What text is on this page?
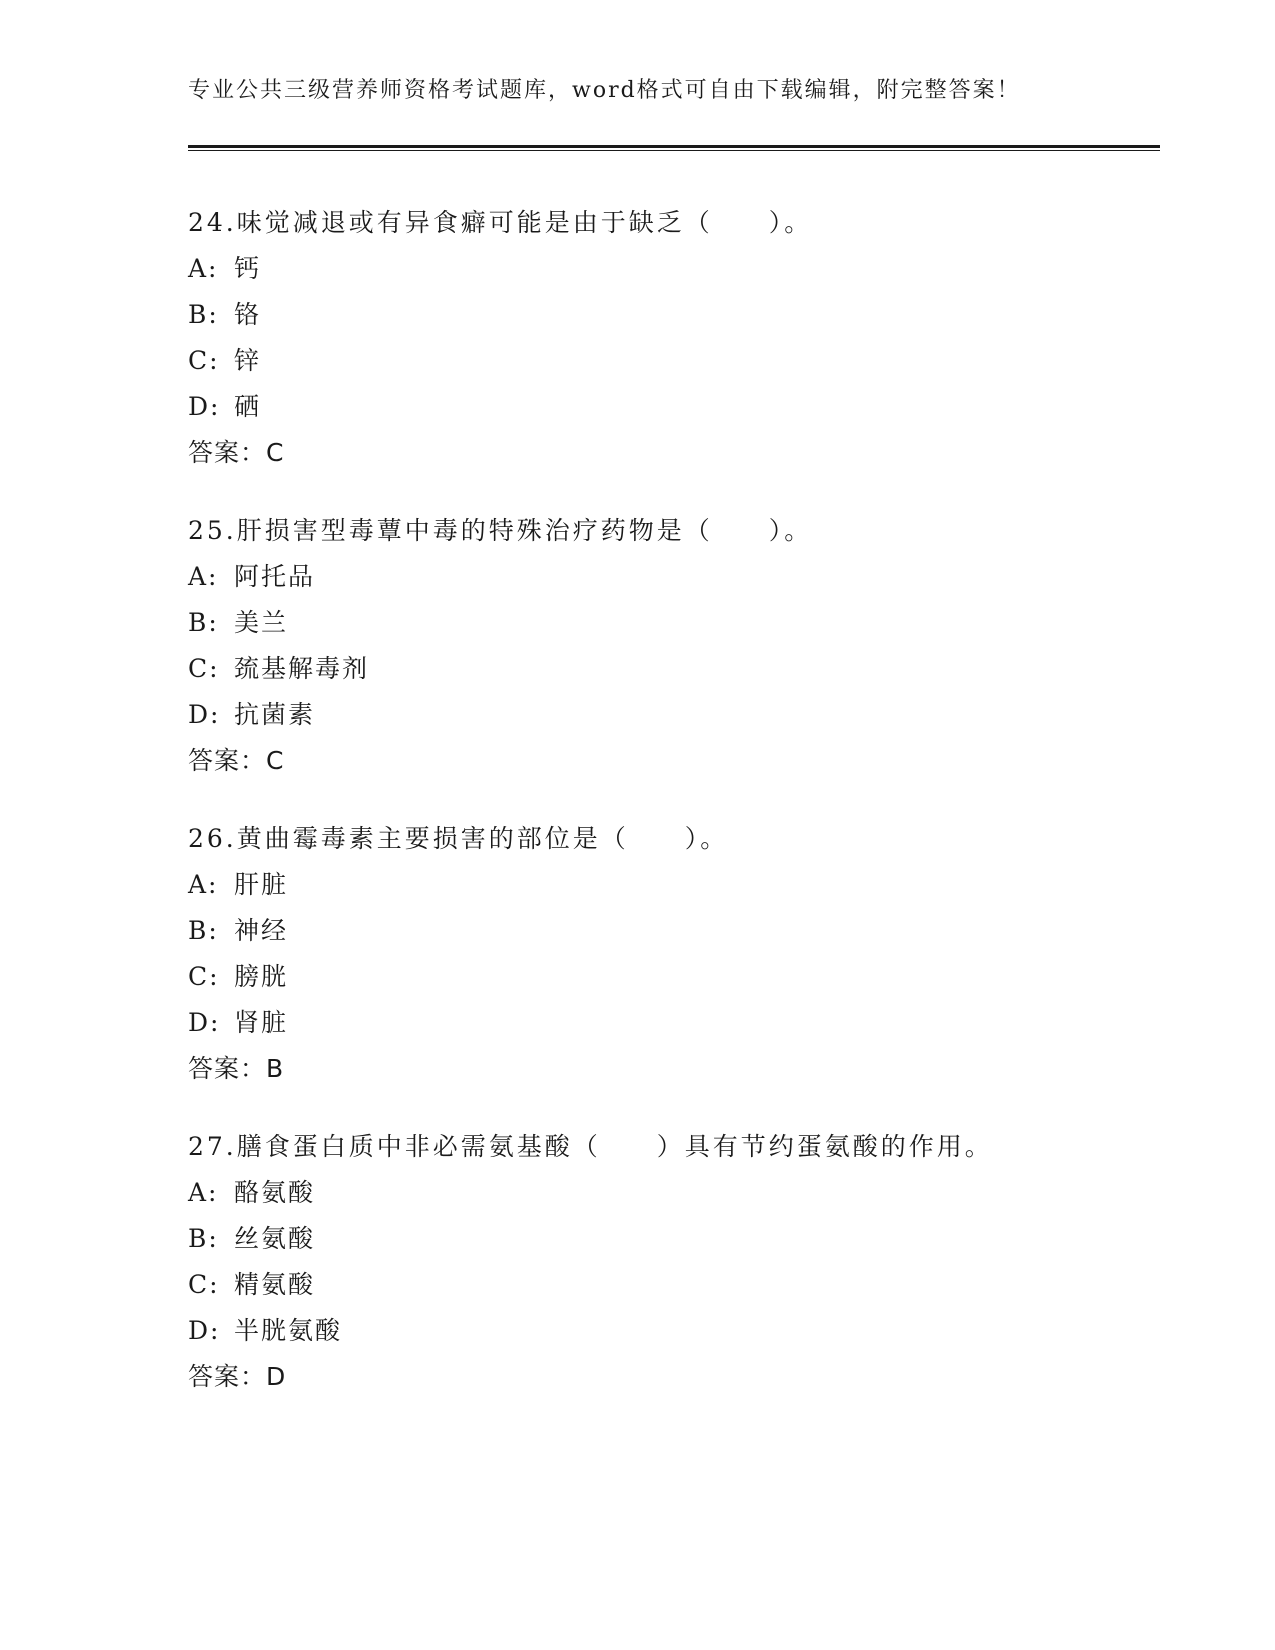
专业公共三级营养师资格考试题库，word格式可自由下载编辑，附完整答案！
24.味觉减退或有异食癖可能是由于缺乏（　　）。
A: 钙
B: 铬
C: 锌
D: 硒
答案：C
25.肝损害型毒蕈中毒的特殊治疗药物是（　　）。
A: 阿托品
B: 美兰
C: 巯基解毒剂
D: 抗菌素
答案：C
26.黄曲霉毒素主要损害的部位是（　　）。
A: 肝脏
B: 神经
C: 膀胱
D: 肾脏
答案：B
27.膳食蛋白质中非必需氨基酸（　　）具有节约蛋氨酸的作用。
A: 酪氨酸
B: 丝氨酸
C: 精氨酸
D: 半胱氨酸
答案：D
